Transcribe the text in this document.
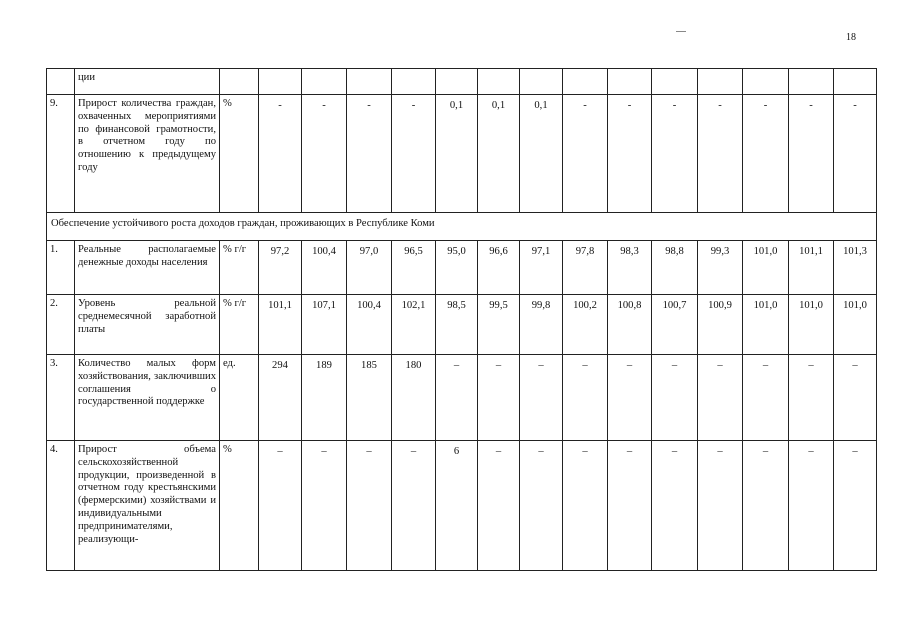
18
	ции															
9.	Прирост количества граждан, охваченных мероприятиями по финансовой грамотности, в отчетном году по отношению к предыдущему году	%	-	-	-	-	0,1	0,1	0,1	-	-	-	-	-	-	-
Обеспечение устойчивого роста доходов граждан, проживающих в Республике Коми																
1.	Реальные располагаемые денежные доходы населения	% г/г	97,2	100,4	97,0	96,5	95,0	96,6	97,1	97,8	98,3	98,8	99,3	101,0	101,1	101,3
2.	Уровень реальной среднемесячной заработной платы	% г/г	101,1	107,1	100,4	102,1	98,5	99,5	99,8	100,2	100,8	100,7	100,9	101,0	101,0	101,0
3.	Количество малых форм хозяйствования, заключивших соглашения о государственной поддержке	ед.	294	189	185	180	–	–	–	–	–	–	–	–	–	–
4.	Прирост объема сельскохозяйственной продукции, произведенной в отчетном году крестьянскими (фермерскими) хозяйствами и индивидуальными предпринимателями, реализующи-	%	–	–	–	–	6	–	–	–	–	–	–	–	–	–
